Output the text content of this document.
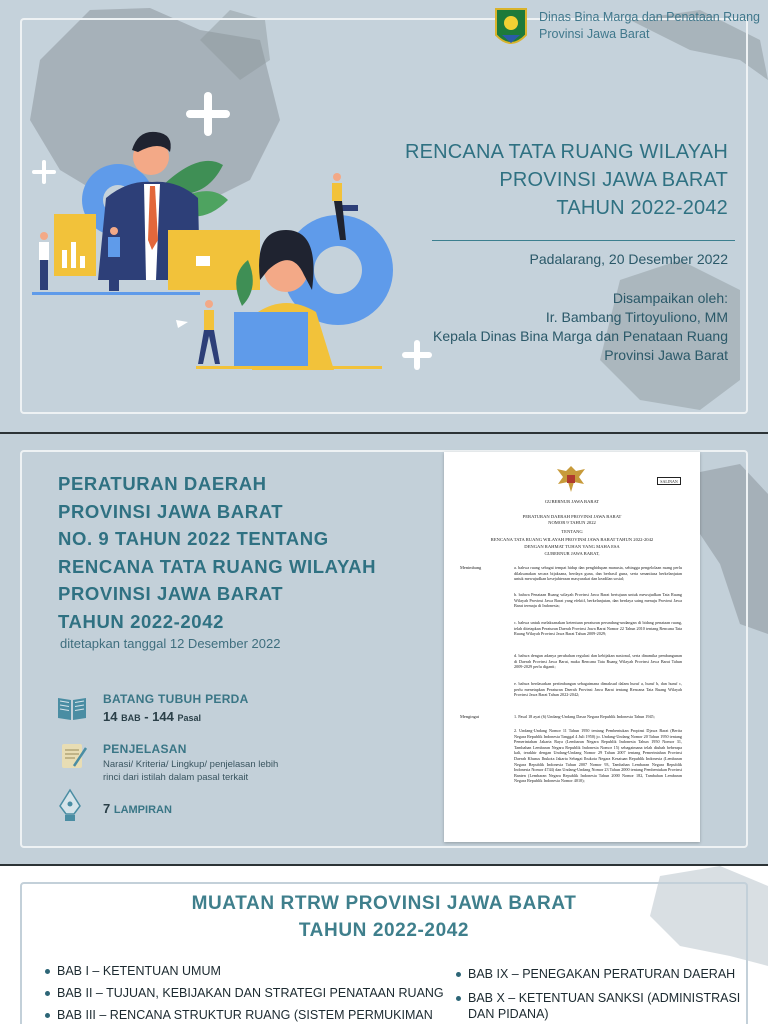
Dinas Bina Marga dan Penataan Ruang
Provinsi Jawa Barat
RENCANA TATA RUANG WILAYAH
PROVINSI JAWA BARAT
TAHUN 2022-2042
Padalarang, 20 Desember 2022
Disampaikan oleh:
Ir. Bambang Tirtoyuliono, MM
Kepala Dinas Bina Marga dan Penataan Ruang
Provinsi Jawa Barat
PERATURAN DAERAH
PROVINSI JAWA BARAT
NO. 9 TAHUN 2022 TENTANG
RENCANA TATA RUANG WILAYAH
PROVINSI JAWA BARAT
TAHUN 2022-2042
ditetapkan tanggal 12 Desember 2022
BATANG TUBUH PERDA
14 BAB - 144 Pasal
PENJELASAN
Narasi/ Kriteria/ Lingkup/ penjelasan lebih
rinci dari istilah dalam pasal terkait
7 LAMPIRAN
SALINAN
GUBERNUR JAWA BARAT
PERATURAN DAERAH PROVINSI JAWA BARAT
NOMOR 9 TAHUN 2022
TENTANG
RENCANA TATA RUANG WILAYAH PROVINSI JAWA BARAT TAHUN 2022-2042
DENGAN RAHMAT TUHAN YANG MAHA ESA
GUBERNUR JAWA BARAT,
Menimbang	a. bahwa ruang sebagai tempat hidup dan penghidupan manusia, sehingga pengelolaan ruang perlu dilaksanakan secara bijaksana, berdaya guna, dan berhasil guna, serta senantiasa berkelanjutan untuk mewujudkan kesejahteraan masyarakat dan keadilan sosial;
b. bahwa Penataan Ruang wilayah Provinsi Jawa Barat bertujuan untuk mewujudkan Tata Ruang Wilayah Provinsi Jawa Barat yang efektif, berkelanjutan, dan berdaya saing menuju Provinsi Jawa Barat termaju di Indonesia;
c. bahwa untuk melaksanakan ketentuan peraturan perundang-undangan di bidang penataan ruang, telah ditetapkan Peraturan Daerah Provinsi Jawa Barat Nomor 22 Tahun 2010 tentang Rencana Tata Ruang Wilayah Provinsi Jawa Barat Tahun 2009-2029;
d. bahwa dengan adanya perubahan regulasi dan kebijakan nasional, serta dinamika pembangunan di Daerah Provinsi Jawa Barat, maka Rencana Tata Ruang Wilayah Provinsi Jawa Barat Tahun 2009-2029 perlu diganti;
e. bahwa berdasarkan pertimbangan sebagaimana dimaksud dalam huruf a, huruf b, dan huruf c, perlu menetapkan Peraturan Daerah Provinsi Jawa Barat tentang Rencana Tata Ruang Wilayah Provinsi Jawa Barat Tahun 2022-2042;
Mengingat	1. Pasal 18 ayat (6) Undang-Undang Dasar Negara Republik Indonesia Tahun 1945;
2. Undang-Undang Nomor 11 Tahun 1950 tentang Pembentukan Propinsi Djawa Barat (Berita Negara Republik Indonesia Tanggal 4 Juli 1950) jo. Undang-Undang Nomor 20 Tahun 1950 tentang Pemerintahan Jakarta Raya (Lembaran Negara Republik Indonesia Tahun 1950 Nomor 31, Tambahan Lembaran Negara Republik Indonesia Nomor 15) sebagaimana telah diubah beberapa kali, terakhir dengan Undang-Undang Nomor 29 Tahun 2007 tentang Pemerintahan Provinsi Daerah Khusus Ibukota Jakarta Sebagai Ibukota Negara Kesatuan Republik Indonesia (Lembaran Negara Republik Indonesia Tahun 2007 Nomor 93, Tambahan Lembaran Negara Republik Indonesia Nomor 4744) dan Undang-Undang Nomor 23 Tahun 2000 tentang Pembentukan Provinsi Banten (Lembaran Negara Republik Indonesia Tahun 2000 Nomor 182, Tambahan Lembaran Negara Republik Indonesia Nomor 4010);
MUATAN RTRW PROVINSI JAWA BARAT
TAHUN 2022-2042
BAB I – KETENTUAN UMUM
BAB II – TUJUAN, KEBIJAKAN DAN STRATEGI PENATAAN RUANG
BAB III – RENCANA STRUKTUR RUANG (SISTEM PERMUKIMAN
BAB IX – PENEGAKAN PERATURAN DAERAH
BAB X – KETENTUAN SANKSI (ADMINISTRASI
DAN PIDANA)
